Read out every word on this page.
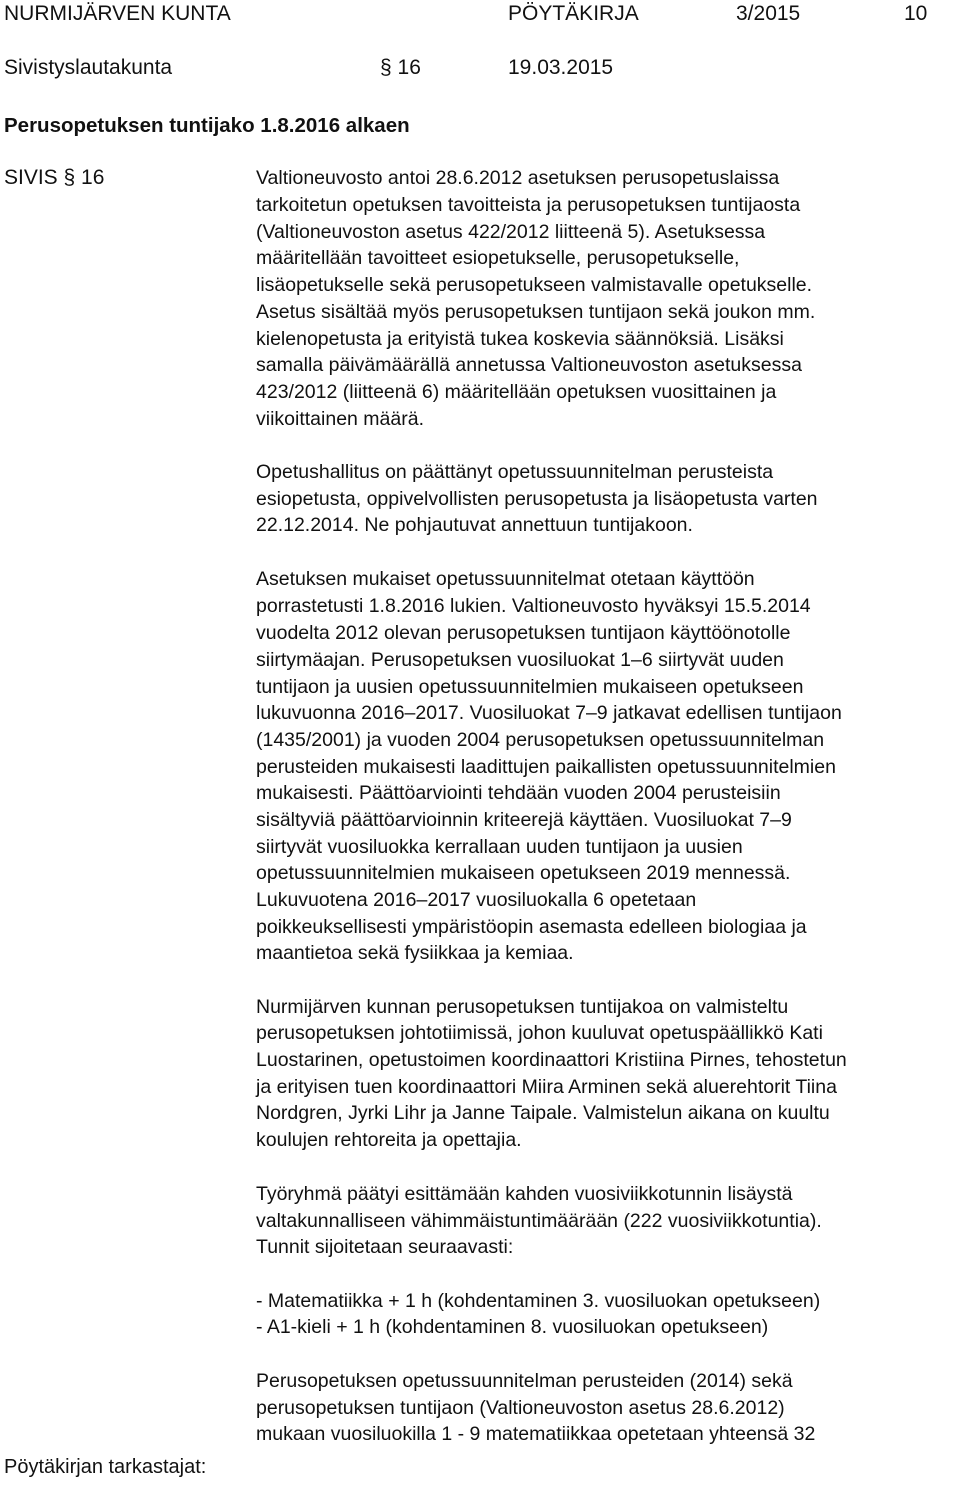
NURMIJÄRVEN KUNTA	PÖYTÄKIRJA	3/2015	10
Sivistyslautakunta	§ 16	19.03.2015
Perusopetuksen tuntijako 1.8.2016 alkaen
SIVIS § 16	Valtioneuvosto antoi 28.6.2012 asetuksen perusopetuslaissa
tarkoitetun opetuksen tavoitteista ja perusopetuksen tuntijaosta
(Valtioneuvoston asetus 422/2012 liitteenä 5). Asetuksessa
määritellään tavoitteet esiopetukselle, perusopetukselle,
lisäopetukselle sekä perusopetukseen valmistavalle opetukselle.
Asetus sisältää myös perusopetuksen tuntijaon sekä joukon mm.
kielenopetusta ja erityistä tukea koskevia säännöksiä. Lisäksi
samalla päivämäärällä annetussa Valtioneuvoston asetuksessa
423/2012 (liitteenä 6) määritellään opetuksen vuosittainen ja
viikoittainen määrä.
Opetushallitus on päättänyt opetussuunnitelman perusteista
esiopetusta, oppivelvollisten perusopetusta ja lisäopetusta varten
22.12.2014. Ne pohjautuvat annettuun tuntijakoon.
Asetuksen mukaiset opetussuunnitelmat otetaan käyttöön
porrastetusti 1.8.2016 lukien. Valtioneuvosto hyväksyi 15.5.2014
vuodelta 2012 olevan perusopetuksen tuntijaon käyttöönotolle
siirtymäajan. Perusopetuksen vuosiluokat 1–6 siirtyvät uuden
tuntijaon ja uusien opetussuunnitelmien mukaiseen opetukseen
lukuvuonna 2016–2017. Vuosiluokat 7–9 jatkavat edellisen tuntijaon
(1435/2001) ja vuoden 2004 perusopetuksen opetussuunnitelman
perusteiden mukaisesti laadittujen paikallisten opetussuunnitelmien
mukaisesti. Päättöarviointi tehdään vuoden 2004 perusteisiin
sisältyviä päättöarvioinnin kriteerejä käyttäen. Vuosiluokat 7–9
siirtyvät vuosiluokka kerrallaan uuden tuntijaon ja uusien
opetussuunnitelmien mukaiseen opetukseen 2019 mennessä.
Lukuvuotena 2016–2017 vuosiluokalla 6 opetetaan
poikkeuksellisesti ympäristöopin asemasta edelleen biologiaa ja
maantietoa sekä fysiikkaa ja kemiaa.
Nurmijärven kunnan perusopetuksen tuntijakoa on valmisteltu
perusopetuksen johtotiimissä, johon kuuluvat opetuspäällikkö Kati
Luostarinen, opetustoimen koordinaattori Kristiina Pirnes, tehostetun
ja erityisen tuen koordinaattori Miira Arminen sekä aluerehtorit Tiina
Nordgren, Jyrki Lihr ja Janne Taipale. Valmistelun aikana on kuultu
koulujen rehtoreita ja opettajia.
Työryhmä päätyi esittämään kahden vuosiviikkotunnin lisäystä
valtakunnalliseen vähimmäistuntimäärään (222 vuosiviikkotuntia).
Tunnit sijoitetaan seuraavasti:
- Matematiikka + 1 h (kohdentaminen 3. vuosiluokan opetukseen)
- A1-kieli + 1 h (kohdentaminen 8. vuosiluokan opetukseen)
Perusopetuksen opetussuunnitelman perusteiden (2014) sekä
perusopetuksen tuntijaon (Valtioneuvoston asetus 28.6.2012)
mukaan vuosiluokilla 1 - 9 matematiikkaa opetetaan yhteensä 32
Pöytäkirjan tarkastajat:
